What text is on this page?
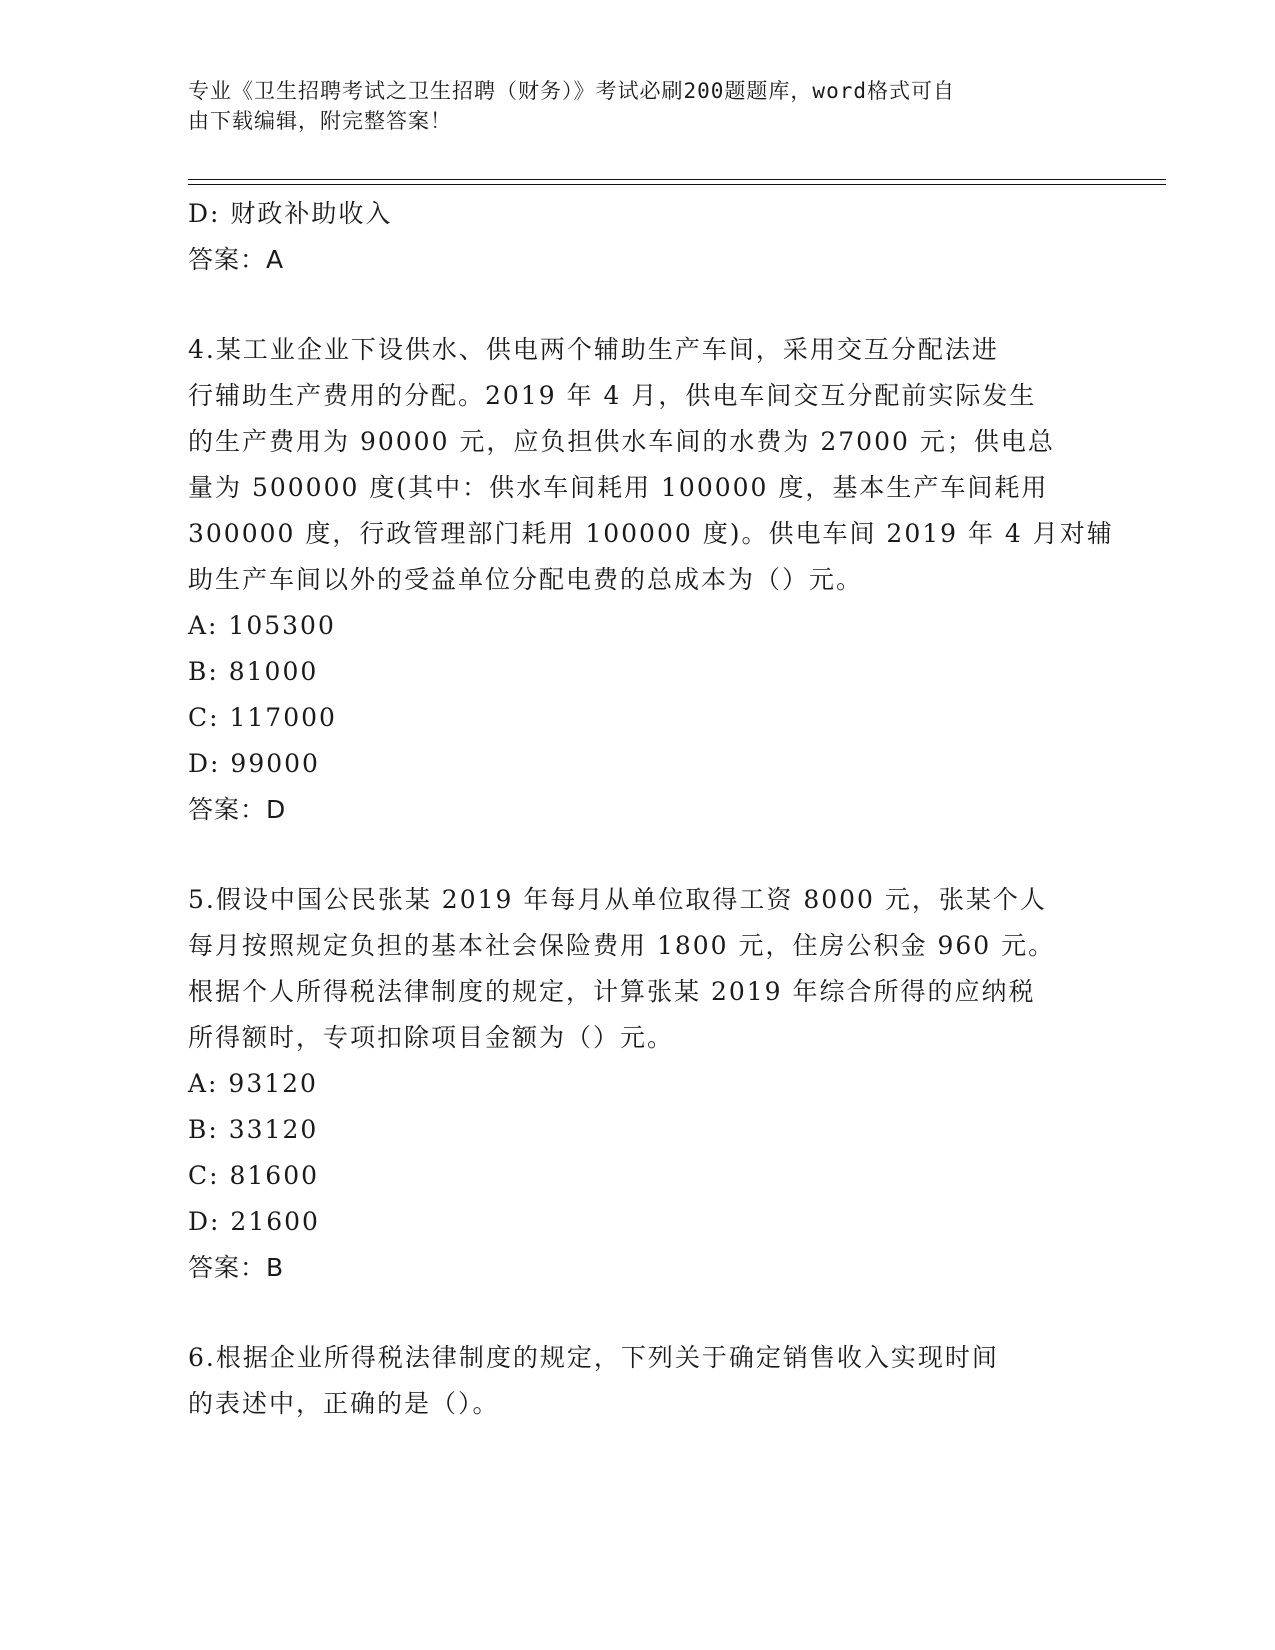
专业《卫生招聘考试之卫生招聘（财务）》考试必刷200题题库，word格式可自
由下载编辑，附完整答案！
D: 财政补助收入
答案：A
4.某工业企业下设供水、供电两个辅助生产车间，采用交互分配法进
行辅助生产费用的分配。2019 年 4 月，供电车间交互分配前实际发生
的生产费用为 90000 元，应负担供水车间的水费为 27000 元；供电总
量为 500000 度(其中：供水车间耗用 100000 度，基本生产车间耗用
300000 度，行政管理部门耗用 100000 度)。供电车间 2019 年 4 月对辅
助生产车间以外的受益单位分配电费的总成本为（）元。
A: 105300
B: 81000
C: 117000
D: 99000
答案：D
5.假设中国公民张某 2019 年每月从单位取得工资 8000 元，张某个人
每月按照规定负担的基本社会保险费用 1800 元，住房公积金 960 元。
根据个人所得税法律制度的规定，计算张某 2019 年综合所得的应纳税
所得额时，专项扣除项目金额为（）元。
A: 93120
B: 33120
C: 81600
D: 21600
答案：B
6.根据企业所得税法律制度的规定，下列关于确定销售收入实现时间
的表述中，正确的是（）。
